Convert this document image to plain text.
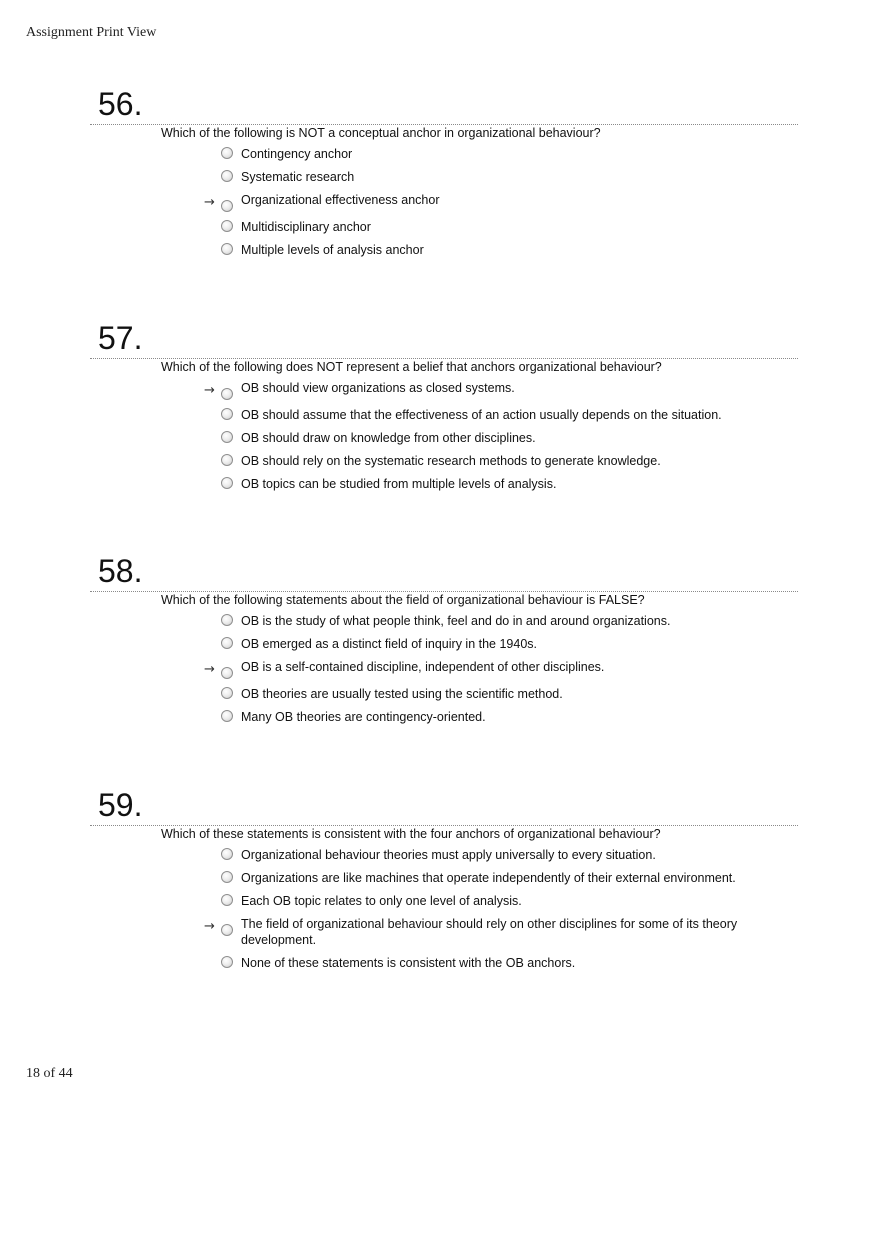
Assignment Print View
56.
Which of the following is NOT a conceptual anchor in organizational behaviour?
Contingency anchor
Systematic research
→ Organizational effectiveness anchor
Multidisciplinary anchor
Multiple levels of analysis anchor
57.
Which of the following does NOT represent a belief that anchors organizational behaviour?
→ OB should view organizations as closed systems.
OB should assume that the effectiveness of an action usually depends on the situation.
OB should draw on knowledge from other disciplines.
OB should rely on the systematic research methods to generate knowledge.
OB topics can be studied from multiple levels of analysis.
58.
Which of the following statements about the field of organizational behaviour is FALSE?
OB is the study of what people think, feel and do in and around organizations.
OB emerged as a distinct field of inquiry in the 1940s.
→ OB is a self-contained discipline, independent of other disciplines.
OB theories are usually tested using the scientific method.
Many OB theories are contingency-oriented.
59.
Which of these statements is consistent with the four anchors of organizational behaviour?
Organizational behaviour theories must apply universally to every situation.
Organizations are like machines that operate independently of their external environment.
Each OB topic relates to only one level of analysis.
→ The field of organizational behaviour should rely on other disciplines for some of its theory development.
None of these statements is consistent with the OB anchors.
18 of 44
